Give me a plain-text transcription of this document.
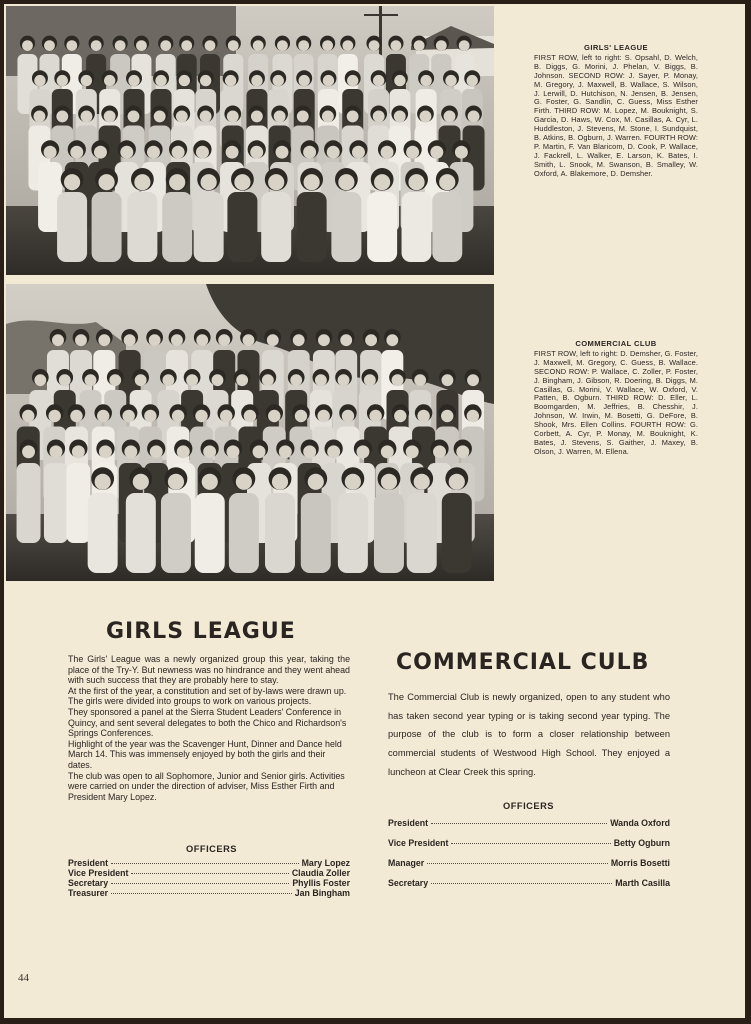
GIRLS' LEAGUE
FIRST ROW, left to right: S. Opsahl, D. Welch, B. Diggs, G. Morini, J. Phelan, V. Biggs, B. Johnson. SECOND ROW: J. Sayer, P. Monay, M. Gregory, J. Maxwell, B. Wallace, S. Wilson, J. Lerwill, D. Hutchison, N. Jensen, B. Jensen, G. Foster, G. Sandlin, C. Guess, Miss Esther Firth. THIRD ROW: M. Lopez, M. Bouknight, S. Garcia, D. Haws, W. Cox, M. Casillas, A. Cyr, L. Huddleston, J. Stevens, M. Stone, I. Sundquist, B. Atkins, B. Ogburn, J. Warren. FOURTH ROW: P. Martin, F. Van Blaricom, D. Cook, P. Wallace, J. Fackrell, L. Walker, E. Larson, K. Bates, I. Smith, L. Snook, M. Swanson, B. Smalley, W. Oxford, A. Blakemore, D. Demsher.
COMMERCIAL CLUB
FIRST ROW, left to right: D. Demsher, G. Foster, J. Maxwell, M. Gregory, C. Guess, B. Wallace. SECOND ROW: P. Wallace, C. Zoller, P. Foster, J. Bingham, J. Gibson, R. Doering, B. Diggs, M. Casillas, G. Morini, V. Wallace, W. Oxford, V. Patten, B. Ogburn. THIRD ROW: D. Eller, L. Boomgarden, M. Jeffries, B. Chesshir, J. Johnson, W. Irwin, M. Bosetti, G. DeFore, B. Shook, Mrs. Ellen Collins. FOURTH ROW: G. Corbett, A. Cyr, P. Monay, M. Bouknight, K. Bates, J. Stevens, S. Gaither, J. Maxey, B. Olson, J. Warren, M. Ellena.
GIRLS LEAGUE

The Girls' League was a newly organized group this year, taking the place of the Try-Y. But newness was no hindrance and they went ahead with such success that they are probably here to stay.

At the first of the year, a constitution and set of by-laws were drawn up. The girls were divided into groups to work on various projects.

They sponsored a panel at the Sierra Student Leaders' Conference in Quincy, and sent several delegates to both the Chico and Richardson's Springs Conferences.

Highlight of the year was the Scavenger Hunt, Dinner and Dance held March 14. This was immensely enjoyed by both the girls and their dates.

The club was open to all Sophomore, Junior and Senior girls. Activities were carried on under the direction of adviser, Miss Esther Firth and President Mary Lopez.

OFFICERS
President	Mary Lopez
Vice President	Claudia Zoller
Secretary	Phyllis Foster
Treasurer	Jan Bingham
COMMERCIAL CULB
The Commercial Club is newly organized, open to any student who has taken second year typing or is taking second year typing. The purpose of the club is to form a closer relationship between commercial students of Westwood High School. They enjoyed a luncheon at Clear Creek this spring.
OFFICERS
President	Wanda Oxford
Vice President	Betty Ogburn
Manager	Morris Bosetti
Secretary	Marth Casilla
44
